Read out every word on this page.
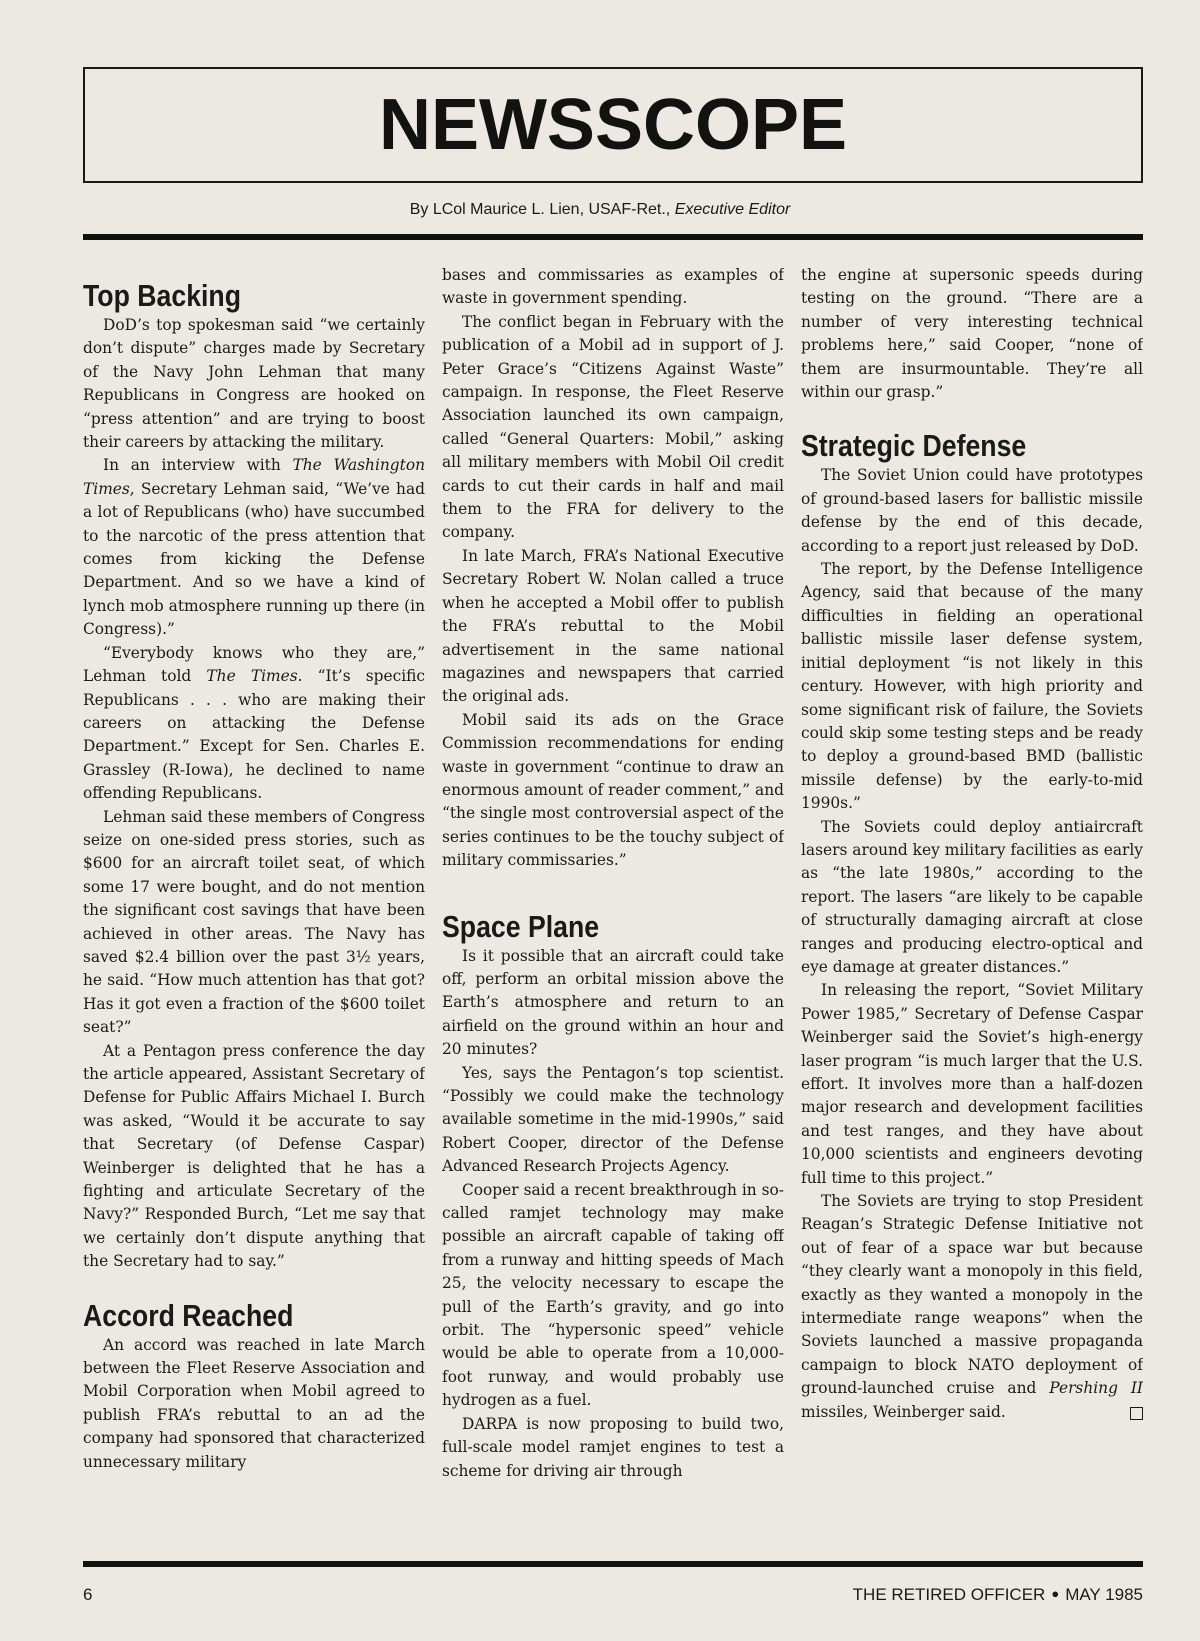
NEWSSCOPE
By LCol Maurice L. Lien, USAF-Ret., Executive Editor
Top Backing

DoD’s top spokesman said “we certainly don’t dispute” charges made by Secretary of the Navy John Lehman that many Republicans in Congress are hooked on “press attention” and are trying to boost their careers by attacking the military.

In an interview with The Washington Times, Secretary Lehman said, “We’ve had a lot of Republicans (who) have succumbed to the narcotic of the press attention that comes from kicking the Defense Department. And so we have a kind of lynch mob atmosphere running up there (in Congress).”

“Everybody knows who they are,” Lehman told The Times. “It’s specific Republicans . . . who are making their careers on attacking the Defense Department.” Except for Sen. Charles E. Grassley (R-Iowa), he declined to name offending Republicans.

Lehman said these members of Congress seize on one-sided press stories, such as $600 for an aircraft toilet seat, of which some 17 were bought, and do not mention the significant cost savings that have been achieved in other areas. The Navy has saved $2.4 billion over the past 3½ years, he said. “How much attention has that got? Has it got even a fraction of the $600 toilet seat?”

At a Pentagon press conference the day the article appeared, Assistant Secretary of Defense for Public Affairs Michael I. Burch was asked, “Would it be accurate to say that Secretary (of Defense Caspar) Weinberger is delighted that he has a fighting and articulate Secretary of the Navy?” Responded Burch, “Let me say that we certainly don’t dispute anything that the Secretary had to say.”

Accord Reached

An accord was reached in late March between the Fleet Reserve Association and Mobil Corporation when Mobil agreed to publish FRA’s rebuttal to an ad the company had sponsored that characterized unnecessary military

bases and commissaries as examples of waste in government spending.

The conflict began in February with the publication of a Mobil ad in support of J. Peter Grace’s “Citizens Against Waste” campaign. In response, the Fleet Reserve Association launched its own campaign, called “General Quarters: Mobil,” asking all military members with Mobil Oil credit cards to cut their cards in half and mail them to the FRA for delivery to the company.

In late March, FRA’s National Executive Secretary Robert W. Nolan called a truce when he accepted a Mobil offer to publish the FRA’s rebuttal to the Mobil advertisement in the same national magazines and newspapers that carried the original ads.

Mobil said its ads on the Grace Commission recommendations for ending waste in government “continue to draw an enormous amount of reader comment,” and “the single most controversial aspect of the series continues to be the touchy subject of military commissaries.”

Space Plane

Is it possible that an aircraft could take off, perform an orbital mission above the Earth’s atmosphere and return to an airfield on the ground within an hour and 20 minutes?

Yes, says the Pentagon’s top scientist. “Possibly we could make the technology available sometime in the mid-1990s,” said Robert Cooper, director of the Defense Advanced Research Projects Agency.

Cooper said a recent breakthrough in so-called ramjet technology may make possible an aircraft capable of taking off from a runway and hitting speeds of Mach 25, the velocity necessary to escape the pull of the Earth’s gravity, and go into orbit. The “hypersonic speed” vehicle would be able to operate from a 10,000-foot runway, and would probably use hydrogen as a fuel.

DARPA is now proposing to build two, full-scale model ramjet engines to test a scheme for driving air through

the engine at supersonic speeds during testing on the ground. “There are a number of very interesting technical problems here,” said Cooper, “none of them are insurmountable. They’re all within our grasp.”

Strategic Defense

The Soviet Union could have prototypes of ground-based lasers for ballistic missile defense by the end of this decade, according to a report just released by DoD.

The report, by the Defense Intelligence Agency, said that because of the many difficulties in fielding an operational ballistic missile laser defense system, initial deployment “is not likely in this century. However, with high priority and some significant risk of failure, the Soviets could skip some testing steps and be ready to deploy a ground-based BMD (ballistic missile defense) by the early-to-mid 1990s.”

The Soviets could deploy antiaircraft lasers around key military facilities as early as “the late 1980s,” according to the report. The lasers “are likely to be capable of structurally damaging aircraft at close ranges and producing electro-optical and eye damage at greater distances.”

In releasing the report, “Soviet Military Power 1985,” Secretary of Defense Caspar Weinberger said the Soviet’s high-energy laser program “is much larger that the U.S. effort. It involves more than a half-dozen major research and development facilities and test ranges, and they have about 10,000 scientists and engineers devoting full time to this project.”

The Soviets are trying to stop President Reagan’s Strategic Defense Initiative not out of fear of a space war but because “they clearly want a monopoly in this field, exactly as they wanted a monopoly in the intermediate range weapons” when the Soviets launched a massive propaganda campaign to block NATO deployment of ground-launched cruise and Pershing II missiles, Weinberger said.

6	THE RETIRED OFFICER ● MAY 1985
